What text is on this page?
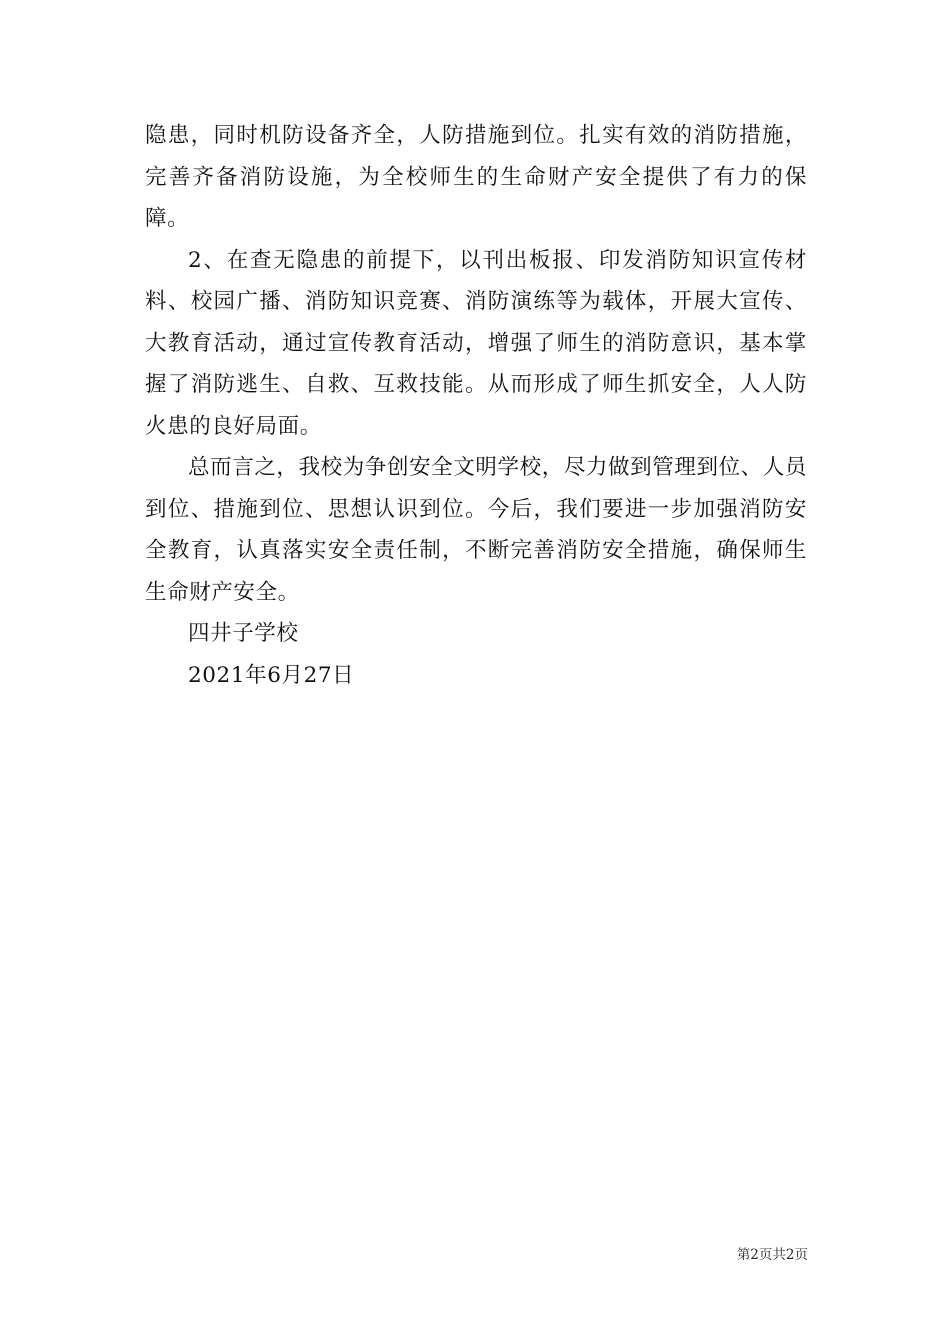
隐患，同时机防设备齐全，人防措施到位。扎实有效的消防措施，完善齐备消防设施，为全校师生的生命财产安全提供了有力的保障。

2、在查无隐患的前提下，以刊出板报、印发消防知识宣传材料、校园广播、消防知识竞赛、消防演练等为载体，开展大宣传、大教育活动，通过宣传教育活动，增强了师生的消防意识，基本掌握了消防逃生、自救、互救技能。从而形成了师生抓安全，人人防火患的良好局面。

总而言之，我校为争创安全文明学校，尽力做到管理到位、人员到位、措施到位、思想认识到位。今后，我们要进一步加强消防安全教育，认真落实安全责任制，不断完善消防安全措施，确保师生生命财产安全。

四井子学校

2021年6月27日

第2页共2页
